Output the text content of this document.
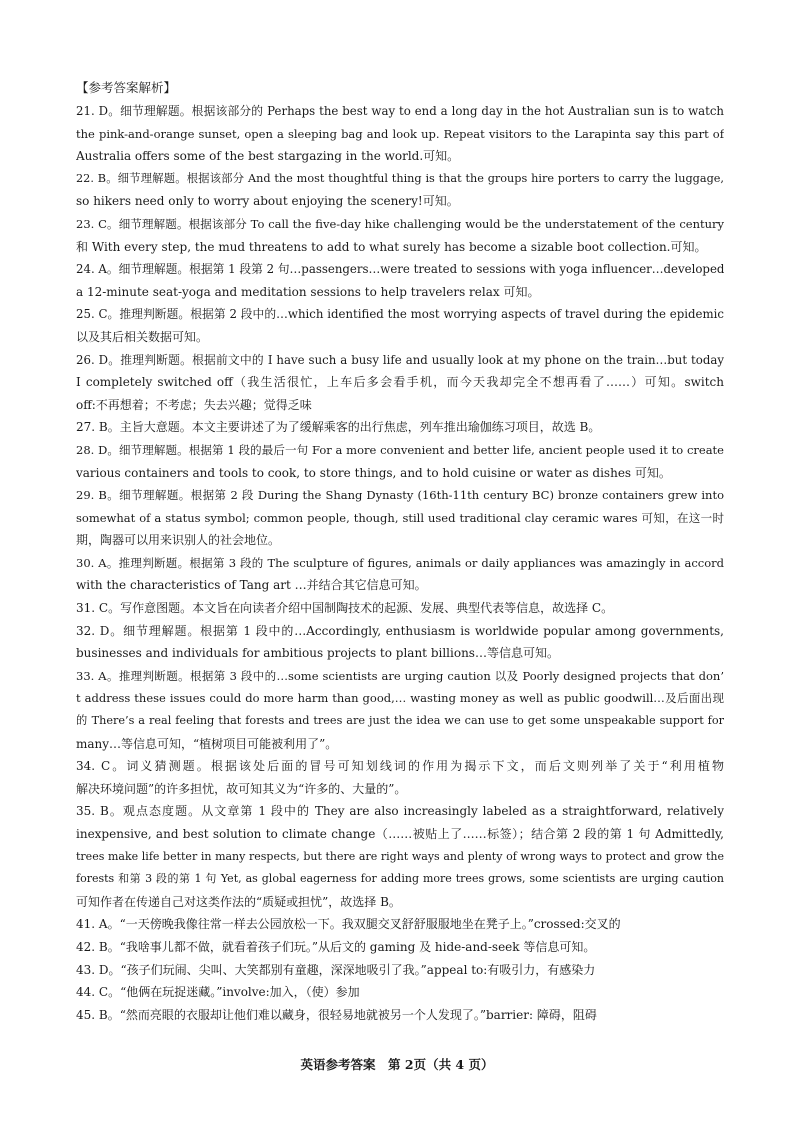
【参考答案解析】
21. D。细节理解题。根据该部分的 Perhaps the best way to end a long day in the hot Australian sun is to watch
the pink-and-orange sunset, open a sleeping bag and look up. Repeat visitors to the Larapinta say this part of
Australia offers some of the best stargazing in the world.可知。
22. B。细节理解题。根据该部分 And the most thoughtful thing is that the groups hire porters to carry the luggage,
so hikers need only to worry about enjoying the scenery!可知。
23. C。细节理解题。根据该部分 To call the five-day hike challenging would be the understatement of the century
和 With every step, the mud threatens to add to what surely has become a sizable boot collection.可知。
24. A。细节理解题。根据第 1 段第 2 句…passengers…were treated to sessions with yoga influencer…developed
a 12-minute seat-yoga and meditation sessions to help travelers relax 可知。
25. C。推理判断题。根据第 2 段中的…which identified the most worrying aspects of travel during the epidemic
以及其后相关数据可知。
26. D。推理判断题。根据前文中的 I have such a busy life and usually look at my phone on the train…but today
I completely switched off（我生活很忙，上车后多会看手机，而今天我却完全不想再看了……）可知。switch
off:不再想着；不考虑；失去兴趣；觉得乏味
27. B。主旨大意题。本文主要讲述了为了缓解乘客的出行焦虑，列车推出瑜伽练习项目，故选 B。
28. D。细节理解题。根据第 1 段的最后一句 For a more convenient and better life, ancient people used it to create
various containers and tools to cook, to store things, and to hold cuisine or water as dishes 可知。
29. B。细节理解题。根据第 2 段 During the Shang Dynasty (16th-11th century BC) bronze containers grew into
somewhat of a status symbol; common people, though, still used traditional clay ceramic wares 可知，在这一时
期，陶器可以用来识别人的社会地位。
30. A。推理判断题。根据第 3 段的 The sculpture of figures, animals or daily appliances was amazingly in accord
with the characteristics of Tang art …并结合其它信息可知。
31. C。写作意图题。本文旨在向读者介绍中国制陶技术的起源、发展、典型代表等信息，故选择 C。
32. D。细节理解题。根据第 1 段中的…Accordingly, enthusiasm is worldwide popular among governments,
businesses and individuals for ambitious projects to plant billions…等信息可知。
33. A。推理判断题。根据第 3 段中的…some scientists are urging caution 以及 Poorly designed projects that don’
t address these issues could do more harm than good,… wasting money as well as public goodwill…及后面出现
的 There’s a real feeling that forests and trees are just the idea we can use to get some unspeakable support for
many…等信息可知，“植树项目可能被利用了”。
34. C。词义猜测题。根据该处后面的冒号可知划线词的作用为揭示下文，而后文则列举了关于“利用植物
解决环境问题”的许多担忧，故可知其义为“许多的、大量的”。
35. B。观点态度题。从文章第 1 段中的 They are also increasingly labeled as a straightforward, relatively
inexpensive, and best solution to climate change（……被贴上了……标签）；结合第 2 段的第 1 句 Admittedly,
trees make life better in many respects, but there are right ways and plenty of wrong ways to protect and grow the
forests 和第 3 段的第 1 句 Yet, as global eagerness for adding more trees grows, some scientists are urging caution
可知作者在传递自己对这类作法的“质疑或担忧”，故选择 B。
41. A。“一天傍晚我像往常一样去公园放松一下。我双腿交叉舒舒服服地坐在凳子上。”crossed:交叉的
42. B。“我啥事儿都不做，就看着孩子们玩。”从后文的 gaming 及 hide-and-seek 等信息可知。
43. D。“孩子们玩闹、尖叫、大笑都别有童趣，深深地吸引了我。”appeal to:有吸引力，有感染力
44. C。“他俩在玩捉迷藏。”involve:加入，（使）参加
45. B。“然而亮眼的衣服却让他们难以藏身，很轻易地就被另一个人发现了。”barrier: 障碍，阻碍
英语参考答案　第 2页（共 4 页）
